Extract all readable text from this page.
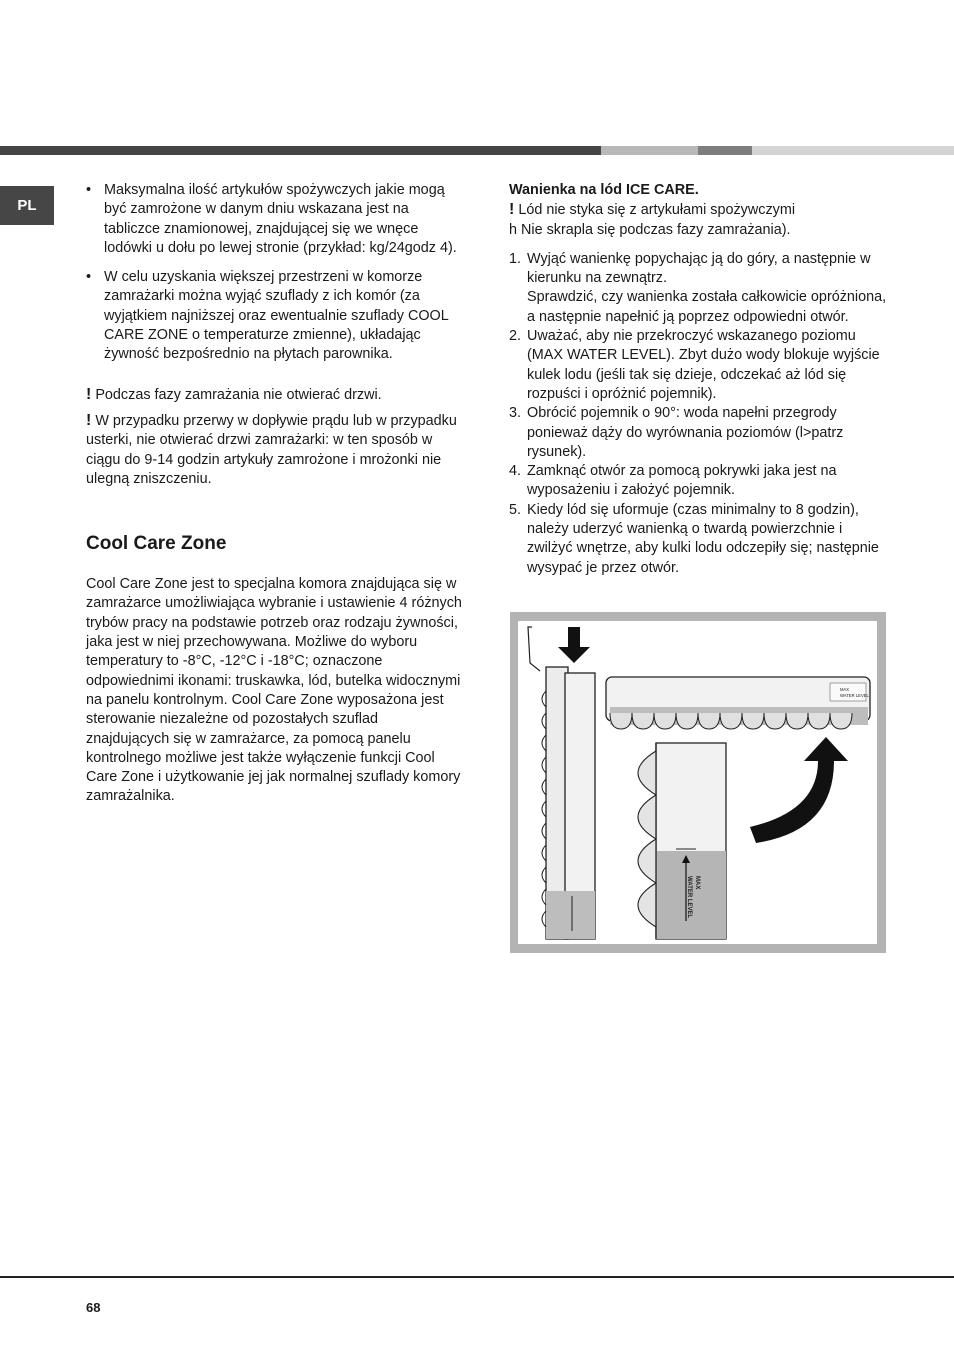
PL
• Maksymalna ilość artykułów spożywczych jakie mogą być zamrożone w danym dniu wskazana jest na tabliczce znamionowej, znajdującej się we wnęce lodówki u dołu po lewej stronie (przykład: kg/24godz 4).
• W celu uzyskania większej przestrzeni w komorze zamrażarki można wyjąć szuflady z ich komór (za wyjątkiem najniższej oraz ewentualnie szuflady COOL CARE ZONE o temperaturze zmienne), układając żywność bezpośrednio na płytach parownika.

! Podczas fazy zamrażania nie otwierać drzwi.

! W przypadku przerwy w dopływie prądu lub w przypadku usterki, nie otwierać drzwi zamrażarki: w ten sposób w ciągu do 9-14 godzin artykuły zamrożone i mrożonki nie ulegną zniszczeniu.

Cool Care Zone

Cool Care Zone jest to specjalna komora znajdująca się w zamrażarce umożliwiająca wybranie i ustawienie 4 różnych trybów pracy na podstawie potrzeb oraz rodzaju żywności, jaka jest w niej przechowywana. Możliwe do wyboru temperatury to -8°C, -12°C i -18°C; oznaczone odpowiednimi ikonami: truskawka, lód, butelka widocznymi na panelu kontrolnym. Cool Care Zone wyposażona jest sterowanie niezależne od pozostałych szuflad znajdujących się w zamrażarce, za pomocą panelu kontrolnego możliwe jest także wyłączenie funkcji Cool Care Zone i użytkowanie jej jak normalnej szuflady komory zamrażalnika.

Wanienka na lód ICE CARE.

! Lód nie styka się z artykułami spożywczymi

h Nie skrapla się podczas fazy zamrażania).

1. Wyjąć wanienkę popychając ją do góry, a następnie w kierunku na zewnątrz.
Sprawdzić, czy wanienka została całkowicie opróżniona, a następnie napełnić ją poprzez odpowiedni otwór.
2. Uważać, aby nie przekroczyć wskazanego poziomu (MAX WATER LEVEL). Zbyt dużo wody blokuje wyjście kulek lodu (jeśli tak się dzieje, odczekać aż lód się rozpuści i opróżnić pojemnik).
3. Obrócić pojemnik o 90°: woda napełni przegrody ponieważ dąży do wyrównania poziomów (l>patrz rysunek).
4. Zamknąć otwór za pomocą pokrywki jaka jest na wyposażeniu i założyć pojemnik.
5. Kiedy lód się uformuje (czas minimalny to 8 godzin), należy uderzyć wanienką o twardą powierzchnie i zwilżyć wnętrze, aby kulki lodu odczepiły się; następnie wysypać je przez otwór.
MAX
WATER LEVEL
MAX
WATER LEVEL
68
